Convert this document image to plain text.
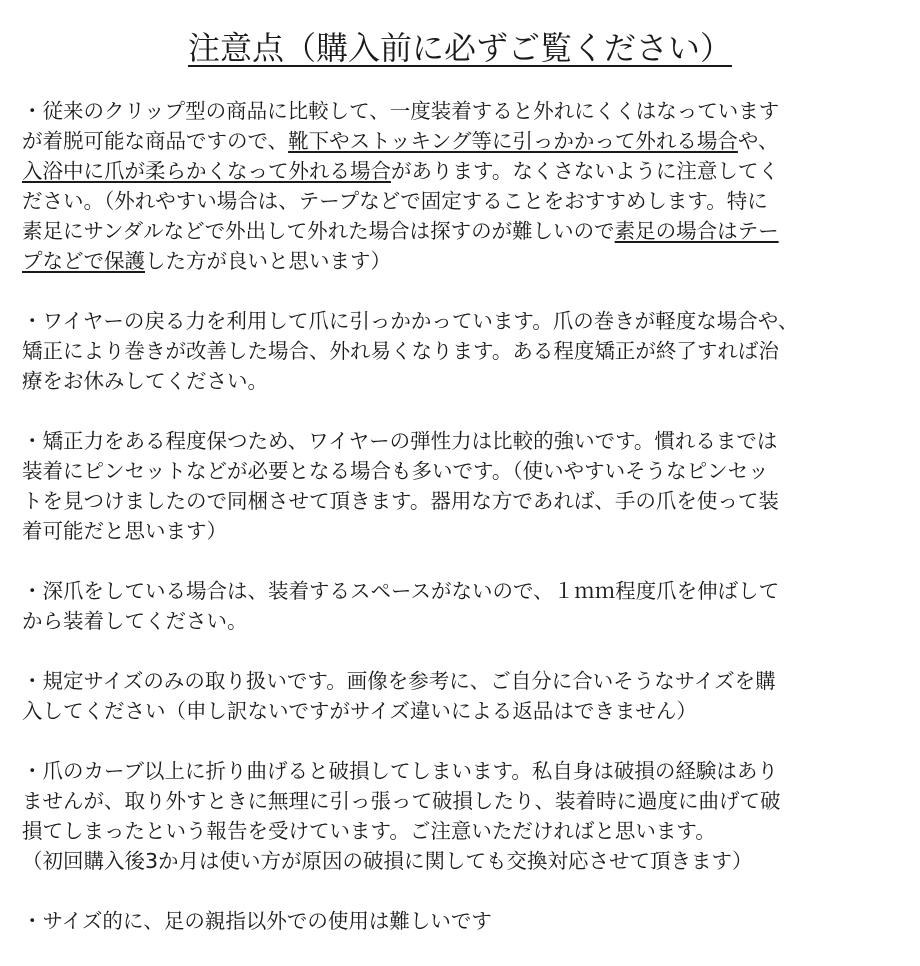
注意点（購入前に必ずご覧ください）
・従来のクリップ型の商品に比較して、一度装着すると外れにくくはなっています
が着脱可能な商品ですので、靴下やストッキング等に引っかかって外れる場合や、
入浴中に爪が柔らかくなって外れる場合があります。なくさないように注意してく
ださい。（外れやすい場合は、テープなどで固定することをおすすめします。特に
素足にサンダルなどで外出して外れた場合は探すのが難しいので素足の場合はテー
プなどで保護した方が良いと思います）
・ワイヤーの戻る力を利用して爪に引っかかっています。爪の巻きが軽度な場合や、
矯正により巻きが改善した場合、外れ易くなります。ある程度矯正が終了すれば治
療をお休みしてください。
・矯正力をある程度保つため、ワイヤーの弾性力は比較的強いです。慣れるまでは
装着にピンセットなどが必要となる場合も多いです。（使いやすいそうなピンセッ
トを見つけましたので同梱させて頂きます。器用な方であれば、手の爪を使って装
着可能だと思います）
・深爪をしている場合は、装着するスペースがないので、１ｍｍ程度爪を伸ばして
から装着してください。
・規定サイズのみの取り扱いです。画像を参考に、ご自分に合いそうなサイズを購
入してください（申し訳ないですがサイズ違いによる返品はできません）
・爪のカーブ以上に折り曲げると破損してしまいます。私自身は破損の経験はあり
ませんが、取り外すときに無理に引っ張って破損したり、装着時に過度に曲げて破
損てしまったという報告を受けています。ご注意いただければと思います。
（初回購入後3か月は使い方が原因の破損に関しても交換対応させて頂きます）
・サイズ的に、足の親指以外での使用は難しいです
